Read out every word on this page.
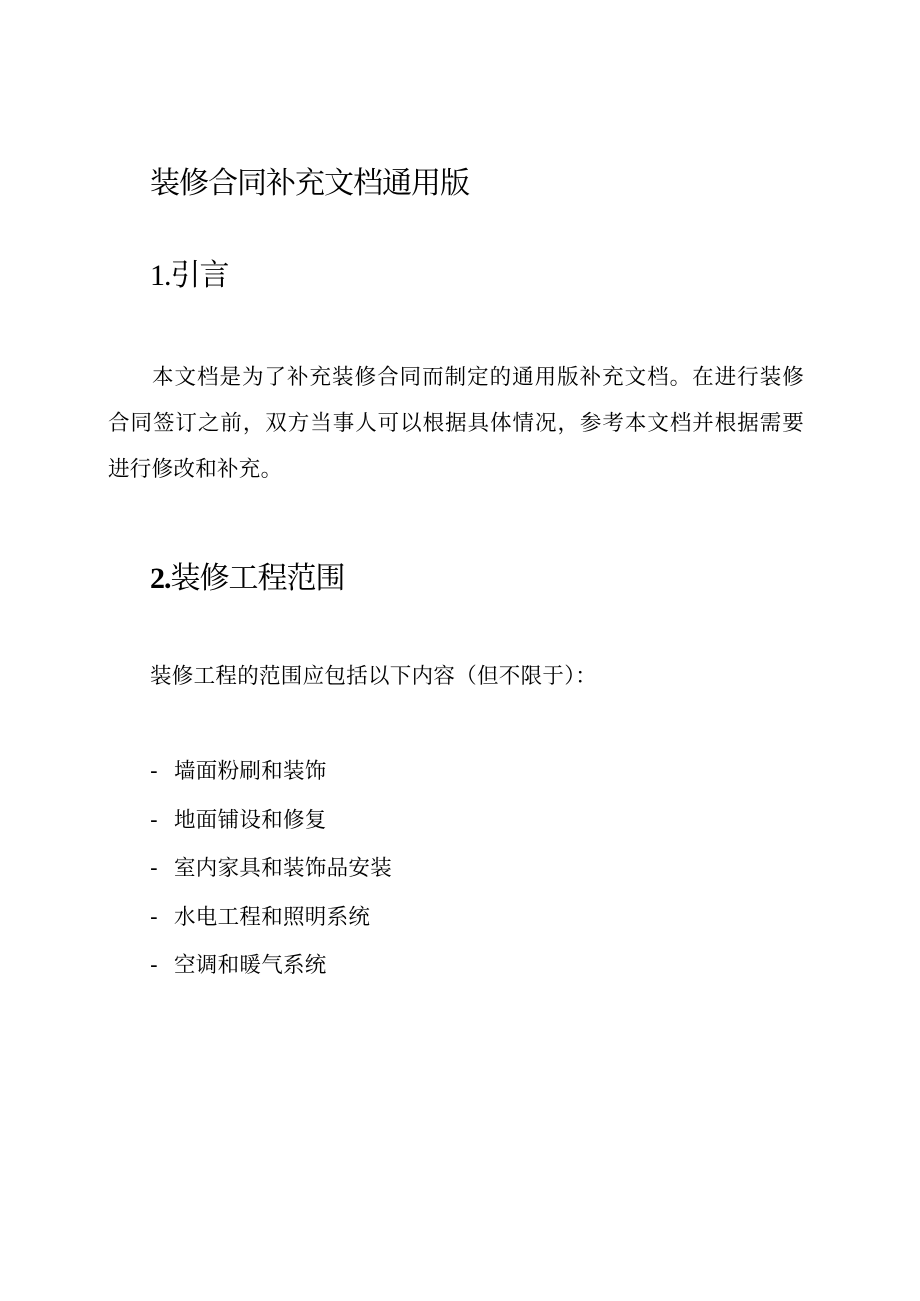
装修合同补充文档通用版
1.引言

本文档是为了补充装修合同而制定的通用版补充文档。在进行装修合同签订之前，双方当事人可以根据具体情况，参考本文档并根据需要进行修改和补充。

2.装修工程范围

装修工程的范围应包括以下内容（但不限于）：

- 墙面粉刷和装饰
- 地面铺设和修复
- 室内家具和装饰品安装
- 水电工程和照明系统
- 空调和暖气系统
